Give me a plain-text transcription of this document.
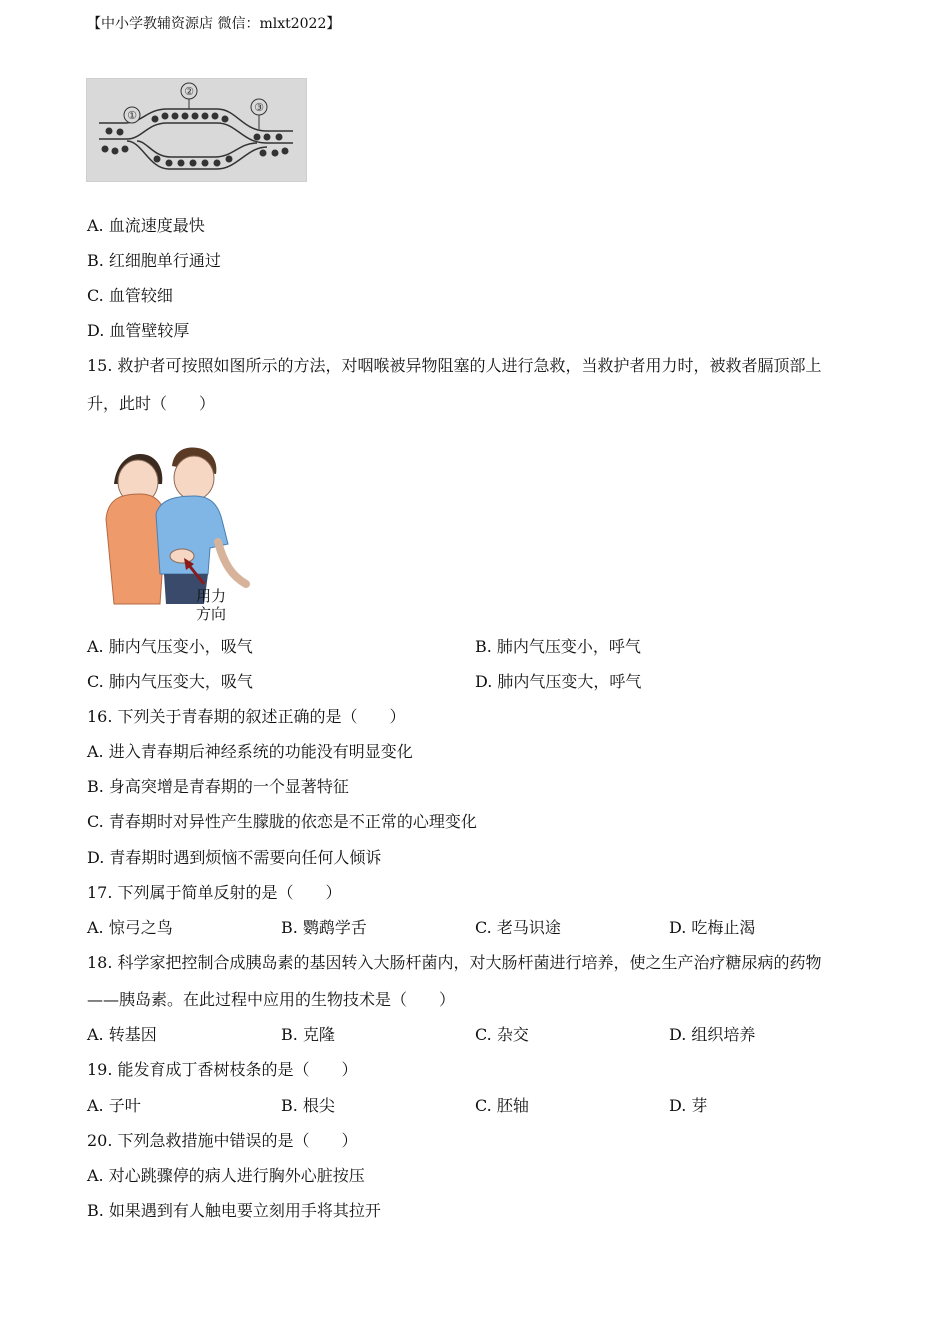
【中小学教辅资源店 微信：mlxt2022】
①
②
③
A. 血流速度最快
B. 红细胞单行通过
C. 血管较细
D. 血管壁较厚
15. 救护者可按照如图所示的方法，对咽喉被异物阻塞的人进行急救，当救护者用力时，被救者膈顶部上
升，此时（　　）
用力
方向
A. 肺内气压变小，吸气	B. 肺内气压变小，呼气
C. 肺内气压变大，吸气	D. 肺内气压变大，呼气
16. 下列关于青春期的叙述正确的是（　　）
A. 进入青春期后神经系统的功能没有明显变化
B. 身高突增是青春期的一个显著特征
C. 青春期时对异性产生朦胧的依恋是不正常的心理变化
D. 青春期时遇到烦恼不需要向任何人倾诉
17. 下列属于简单反射的是（　　）
A. 惊弓之鸟	B. 鹦鹉学舌	C. 老马识途	D. 吃梅止渴
18. 科学家把控制合成胰岛素的基因转入大肠杆菌内，对大肠杆菌进行培养，使之生产治疗糖尿病的药物
——胰岛素。在此过程中应用的生物技术是（　　）
A. 转基因	B. 克隆	C. 杂交	D. 组织培养
19. 能发育成丁香树枝条的是（　　）
A. 子叶	B. 根尖	C. 胚轴	D. 芽
20. 下列急救措施中错误的是（　　）
A. 对心跳骤停的病人进行胸外心脏按压
B. 如果遇到有人触电要立刻用手将其拉开
